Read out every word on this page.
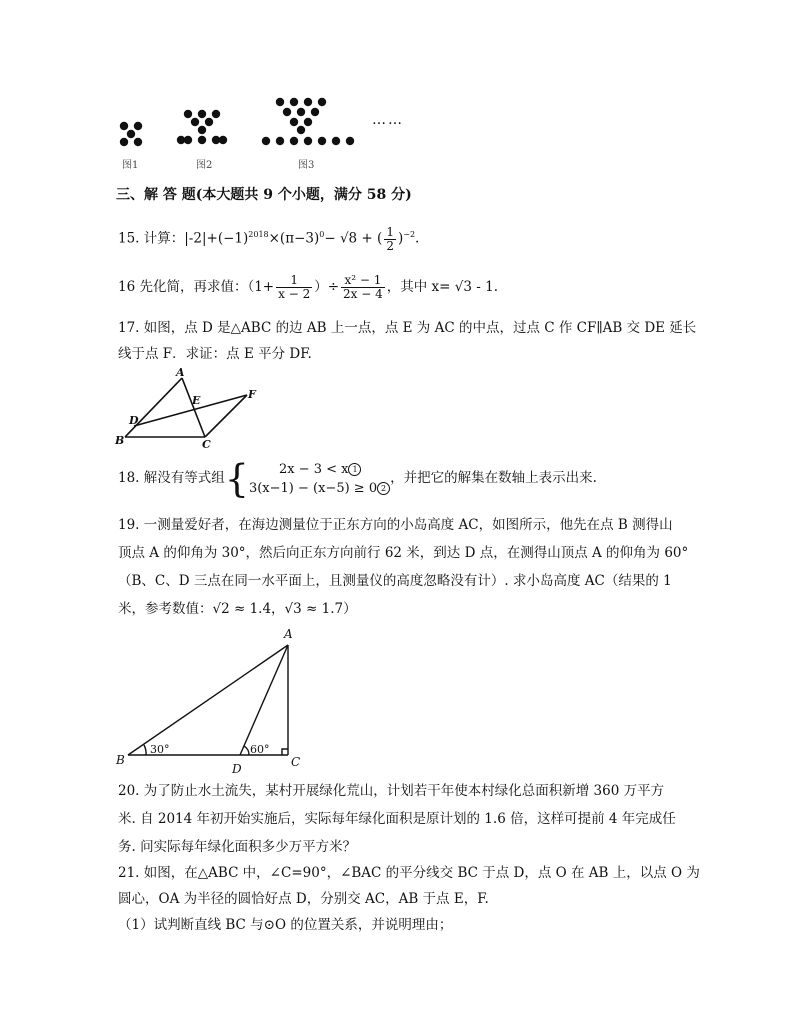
图1	图2	图3
……
三、解 答 题(本大题共 9 个小题，满分 58 分)
15. 计算：$|-2|+(-1)^{2018}\times(\pi-3)^0- √8$ + ( $\frac{1}{2} )^{-2}$.
16 先化简，再求值：（$1+ \frac{1}{x - 2}$ ）÷ $\frac{\text{x² − 1}}{2x - 4}$ ，其中 x= √3 - 1.
17. 如图，点 D 是△ABC 的边 AB 上一点，点 E 为 AC 的中点，过点 C 作 CF∥AB 交 DE 延长
线于点 F．求证：点 E 平分 DF.
A
B	C
D
E	F
18. 解没有等式组{	2x − 3 < x 1
3(x−1) − (x−5) ≥ 0 2
，并把它的解集在数轴上表示出来.
19. 一测量爱好者，在海边测量位于正东方向的小岛高度 AC，如图所示，他先在点 B 测得山
顶点 A 的仰角为 30°，然后向正东方向前行 62 米，到达 D 点，在测得山顶点 A 的仰角为 60°
（B、C、D 三点在同一水平面上，且测量仪的高度忽略没有计）. 求小岛高度 AC（结果的 1
米，参考数值：√2 ≈ 1.4，√3 ≈ 1.7）
A
B	C
D
30°	60°
20. 为了防止水土流失，某村开展绿化荒山，计划若干年使本村绿化总面积新增 360 万平方
米. 自 2014 年初开始实施后，实际每年绿化面积是原计划的 1.6 倍，这样可提前 4 年完成任
务. 问实际每年绿化面积多少万平方米？
21. 如图，在△ABC 中，∠C=90°，∠BAC 的平分线交 BC 于点 D，点 O 在 AB 上，以点 O 为
圆心，OA 为半径的圆恰好点 D，分别交 AC，AB 于点 E，F.
（1）试判断直线 BC 与⊙O 的位置关系，并说明理由；
